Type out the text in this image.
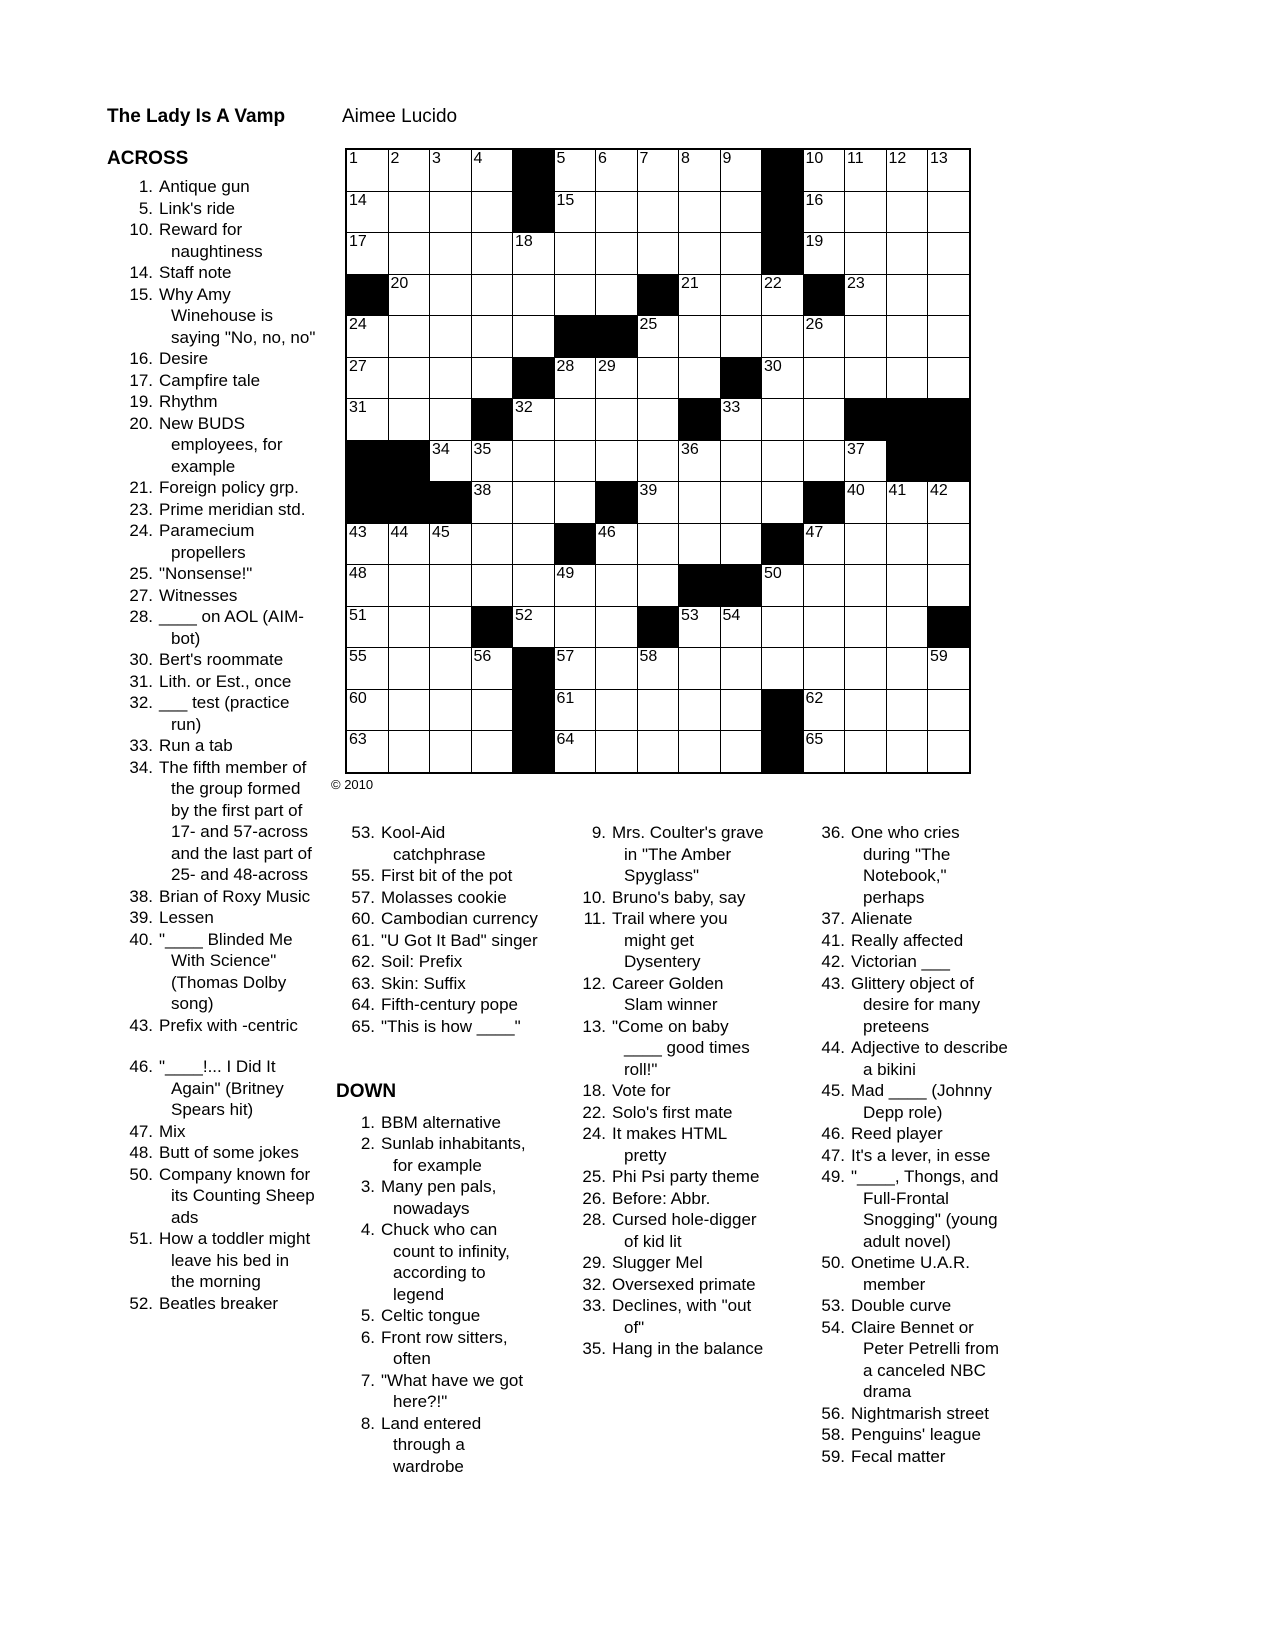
The Lady Is A Vamp	Aimee Lucido
ACROSS
1. Antique gun
5. Link's ride
10. Reward for naughtiness
14. Staff note
15. Why Amy Winehouse is saying "No, no, no"
16. Desire
17. Campfire tale
19. Rhythm
20. New BUDS employees, for example
21. Foreign policy grp.
23. Prime meridian std.
24. Paramecium propellers
25. "Nonsense!"
27. Witnesses
28. ____ on AOL (AIM-bot)
30. Bert's roommate
31. Lith. or Est., once
32. ___ test (practice run)
33. Run a tab
34. The fifth member of the group formed by the first part of 17- and 57-across and the last part of 25- and 48-across
38. Brian of Roxy Music
39. Lessen
40. "____ Blinded Me With Science" (Thomas Dolby song)
43. Prefix with -centric
46. "____!... I Did It Again" (Britney Spears hit)
47. Mix
48. Butt of some jokes
50. Company known for its Counting Sheep ads
51. How a toddler might leave his bed in the morning
52. Beatles breaker
1 2 3 4	5 6 7 8 9	10 11 12 13
14	15	16
17	18	19
20	21	22	23
24	25	26
27	28 29	30
31	32	33
34 35	36	37
38	39	40 41 42
43 44 45	46	47
48	49	50
51	52	53 54
55	56	57	58	59
60	61	62
63	64	65
© 2010
53. Kool-Aid catchphrase
55. First bit of the pot
57. Molasses cookie
60. Cambodian currency
61. "U Got It Bad" singer
62. Soil: Prefix
63. Skin: Suffix
64. Fifth-century pope
65. "This is how ____"
DOWN
1. BBM alternative
2. Sunlab inhabitants, for example
3. Many pen pals, nowadays
4. Chuck who can count to infinity, according to legend
5. Celtic tongue
6. Front row sitters, often
7. "What have we got here?!"
8. Land entered through a wardrobe
9. Mrs. Coulter's grave in "The Amber Spyglass"
10. Bruno's baby, say
11. Trail where you might get Dysentery
12. Career Golden Slam winner
13. "Come on baby ____ good times roll!"
18. Vote for
22. Solo's first mate
24. It makes HTML pretty
25. Phi Psi party theme
26. Before: Abbr.
28. Cursed hole-digger of kid lit
29. Slugger Mel
32. Oversexed primate
33. Declines, with "out of"
35. Hang in the balance
36. One who cries during "The Notebook," perhaps
37. Alienate
41. Really affected
42. Victorian ___
43. Glittery object of desire for many preteens
44. Adjective to describe a bikini
45. Mad ____ (Johnny Depp role)
46. Reed player
47. It's a lever, in esse
49. "____, Thongs, and Full-Frontal Snogging" (young adult novel)
50. Onetime U.A.R. member
53. Double curve
54. Claire Bennet or Peter Petrelli from a canceled NBC drama
56. Nightmarish street
58. Penguins' league
59. Fecal matter
